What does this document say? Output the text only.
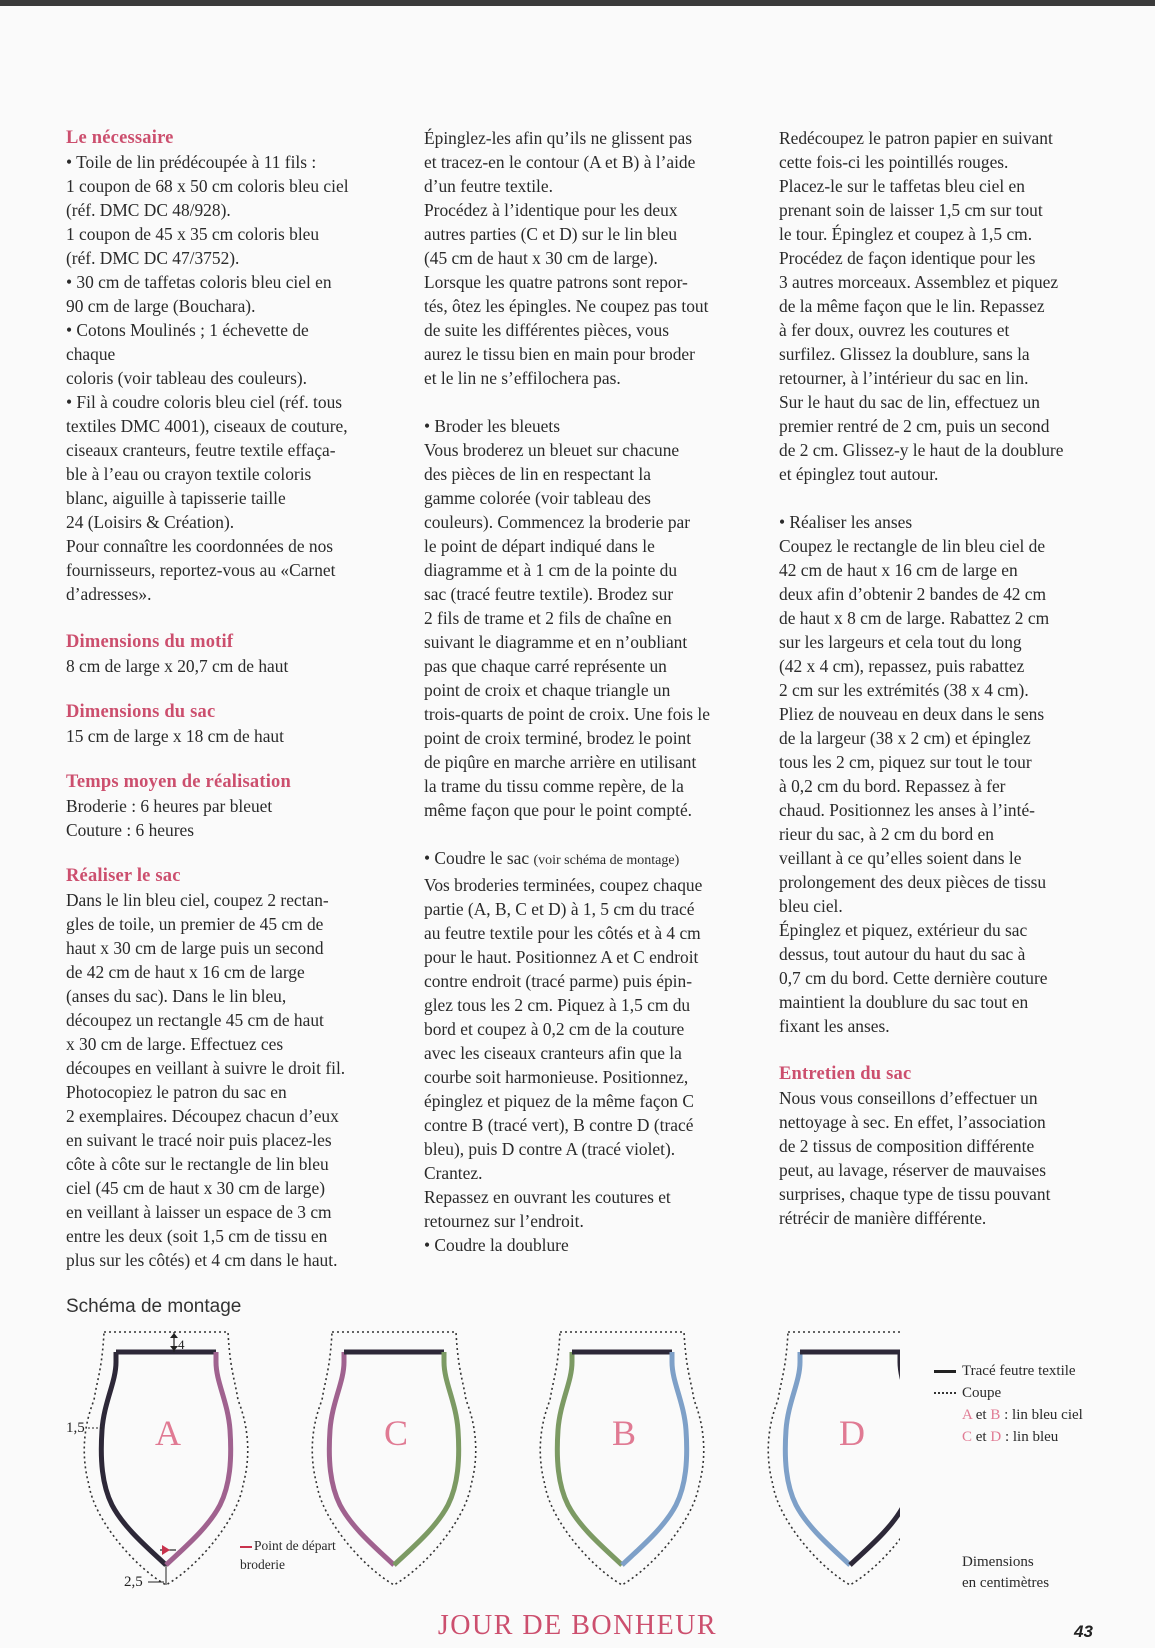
Le nécessaire

• Toile de lin prédécoupée à 11 fils :

1 coupon de 68 x 50 cm coloris bleu ciel

(réf. DMC DC 48/928).

1 coupon de 45 x 35 cm coloris bleu

(réf. DMC DC 47/3752).

• 30 cm de taffetas coloris bleu ciel en

90 cm de large (Bouchara).

• Cotons Moulinés ; 1 échevette de chaque

coloris (voir tableau des couleurs).

• Fil à coudre coloris bleu ciel (réf. tous

textiles DMC 4001), ciseaux de couture,

ciseaux cranteurs, feutre textile effaça-

ble à l’eau ou crayon textile coloris

blanc, aiguille à tapisserie taille

24 (Loisirs & Création).

Pour connaître les coordonnées de nos

fournisseurs, reportez-vous au «Carnet

d’adresses».

Dimensions du motif

8 cm de large x 20,7 cm de haut

Dimensions du sac

15 cm de large x 18 cm de haut

Temps moyen de réalisation

Broderie : 6 heures par bleuet

Couture : 6 heures

Réaliser le sac

Dans le lin bleu ciel, coupez 2 rectan-

gles de toile, un premier de 45 cm de

haut x 30 cm de large puis un second

de 42 cm de haut x 16 cm de large

(anses du sac). Dans le lin bleu,

découpez un rectangle 45 cm de haut

x 30 cm de large. Effectuez ces

découpes en veillant à suivre le droit fil.

Photocopiez le patron du sac en

2 exemplaires. Découpez chacun d’eux

en suivant le tracé noir puis placez-les

côte à côte sur le rectangle de lin bleu

ciel (45 cm de haut x 30 cm de large)

en veillant à laisser un espace de 3 cm

entre les deux (soit 1,5 cm de tissu en

plus sur les côtés) et 4 cm dans le haut.

Épinglez-les afin qu’ils ne glissent pas

et tracez-en le contour (A et B) à l’aide

d’un feutre textile.

Procédez à l’identique pour les deux

autres parties (C et D) sur le lin bleu

(45 cm de haut x 30 cm de large).

Lorsque les quatre patrons sont repor-

tés, ôtez les épingles. Ne coupez pas tout

de suite les différentes pièces, vous

aurez le tissu bien en main pour broder

et le lin ne s’effilochera pas.

• Broder les bleuets

Vous broderez un bleuet sur chacune

des pièces de lin en respectant la

gamme colorée (voir tableau des

couleurs). Commencez la broderie par

le point de départ indiqué dans le

diagramme et à 1 cm de la pointe du

sac (tracé feutre textile). Brodez sur

2 fils de trame et 2 fils de chaîne en

suivant le diagramme et en n’oubliant

pas que chaque carré représente un

point de croix et chaque triangle un

trois-quarts de point de croix. Une fois le

point de croix terminé, brodez le point

de piqûre en marche arrière en utilisant

la trame du tissu comme repère, de la

même façon que pour le point compté.

• Coudre le sac (voir schéma de montage)

Vos broderies terminées, coupez chaque

partie (A, B, C et D) à 1, 5 cm du tracé

au feutre textile pour les côtés et à 4 cm

pour le haut. Positionnez A et C endroit

contre endroit (tracé parme) puis épin-

glez tous les 2 cm. Piquez à 1,5 cm du

bord et coupez à 0,2 cm de la couture

avec les ciseaux cranteurs afin que la

courbe soit harmonieuse. Positionnez,

épinglez et piquez de la même façon C

contre B (tracé vert), B contre D (tracé

bleu), puis D contre A (tracé violet).

Crantez.

Repassez en ouvrant les coutures et

retournez sur l’endroit.

• Coudre la doublure

Redécoupez le patron papier en suivant

cette fois-ci les pointillés rouges.

Placez-le sur le taffetas bleu ciel en

prenant soin de laisser 1,5 cm sur tout

le tour. Épinglez et coupez à 1,5 cm.

Procédez de façon identique pour les

3 autres morceaux. Assemblez et piquez

de la même façon que le lin. Repassez

à fer doux, ouvrez les coutures et

surfilez. Glissez la doublure, sans la

retourner, à l’intérieur du sac en lin.

Sur le haut du sac de lin, effectuez un

premier rentré de 2 cm, puis un second

de 2 cm. Glissez-y le haut de la doublure

et épinglez tout autour.

• Réaliser les anses

Coupez le rectangle de lin bleu ciel de

42 cm de haut x 16 cm de large en

deux afin d’obtenir 2 bandes de 42 cm

de haut x 8 cm de large. Rabattez 2 cm

sur les largeurs et cela tout du long

(42 x 4 cm), repassez, puis rabattez

2 cm sur les extrémités (38 x 4 cm).

Pliez de nouveau en deux dans le sens

de la largeur (38 x 2 cm) et épinglez

tous les 2 cm, piquez sur tout le tour

à 0,2 cm du bord. Repassez à fer

chaud. Positionnez les anses à l’inté-

rieur du sac, à 2 cm du bord en

veillant à ce qu’elles soient dans le

prolongement des deux pièces de tissu

bleu ciel.

Épinglez et piquez, extérieur du sac

dessus, tout autour du haut du sac à

0,7 cm du bord. Cette dernière couture

maintient la doublure du sac tout en

fixant les anses.

Entretien du sac

Nous vous conseillons d’effectuer un

nettoyage à sec. En effet, l’association

de 2 tissus de composition différente

peut, au lavage, réserver de mauvaises

surprises, chaque type de tissu pouvant

rétrécir de manière différente.

Schéma de montage
A
4
1,5
2,5
C	B	D
Point de départ
broderie
Tracé feutre textile
Coupe
A et B : lin bleu ciel
C et D : lin bleu
Dimensions
en centimètres
JOUR DE BONHEUR	43
